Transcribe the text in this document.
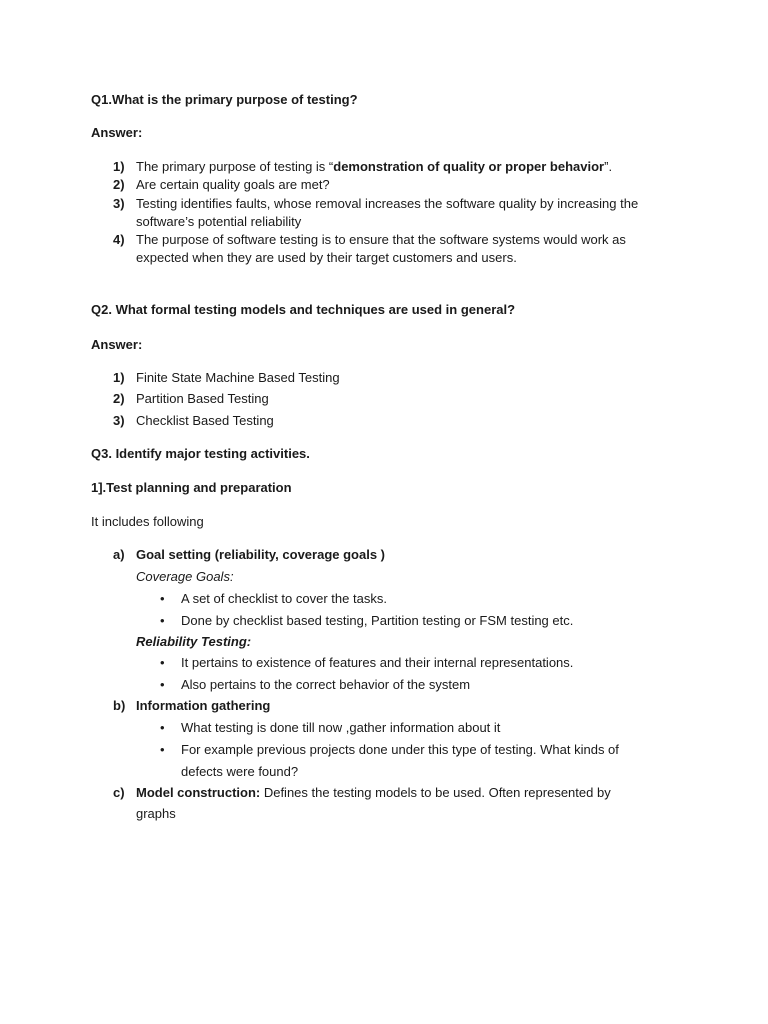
Q1.What is the primary purpose of testing?
Answer:
1) The primary purpose of testing is “demonstration of quality or proper behavior”.
2) Are certain quality goals are met?
3) Testing identifies faults, whose removal increases the software quality by increasing the
software’s potential reliability
4) The purpose of software testing is to ensure that the software systems would work as
expected when they are used by their target customers and users.
Q2. What formal testing models and techniques are used in general?
Answer:
1) Finite State Machine Based Testing
2) Partition Based Testing
3) Checklist Based Testing
Q3. Identify major testing activities.
1].Test planning and preparation
It includes following
a) Goal setting (reliability, coverage goals )
Coverage Goals:
• A set of checklist to cover the tasks.
• Done by checklist based testing, Partition testing or FSM testing etc.
Reliability Testing:
• It pertains to existence of features and their internal representations.
• Also pertains to the correct behavior of the system
b) Information gathering
• What testing is done till now ,gather information about it
• For example previous projects done under this type of testing. What kinds of
defects were found?
c) Model construction: Defines the testing models to be used. Often represented by
graphs
